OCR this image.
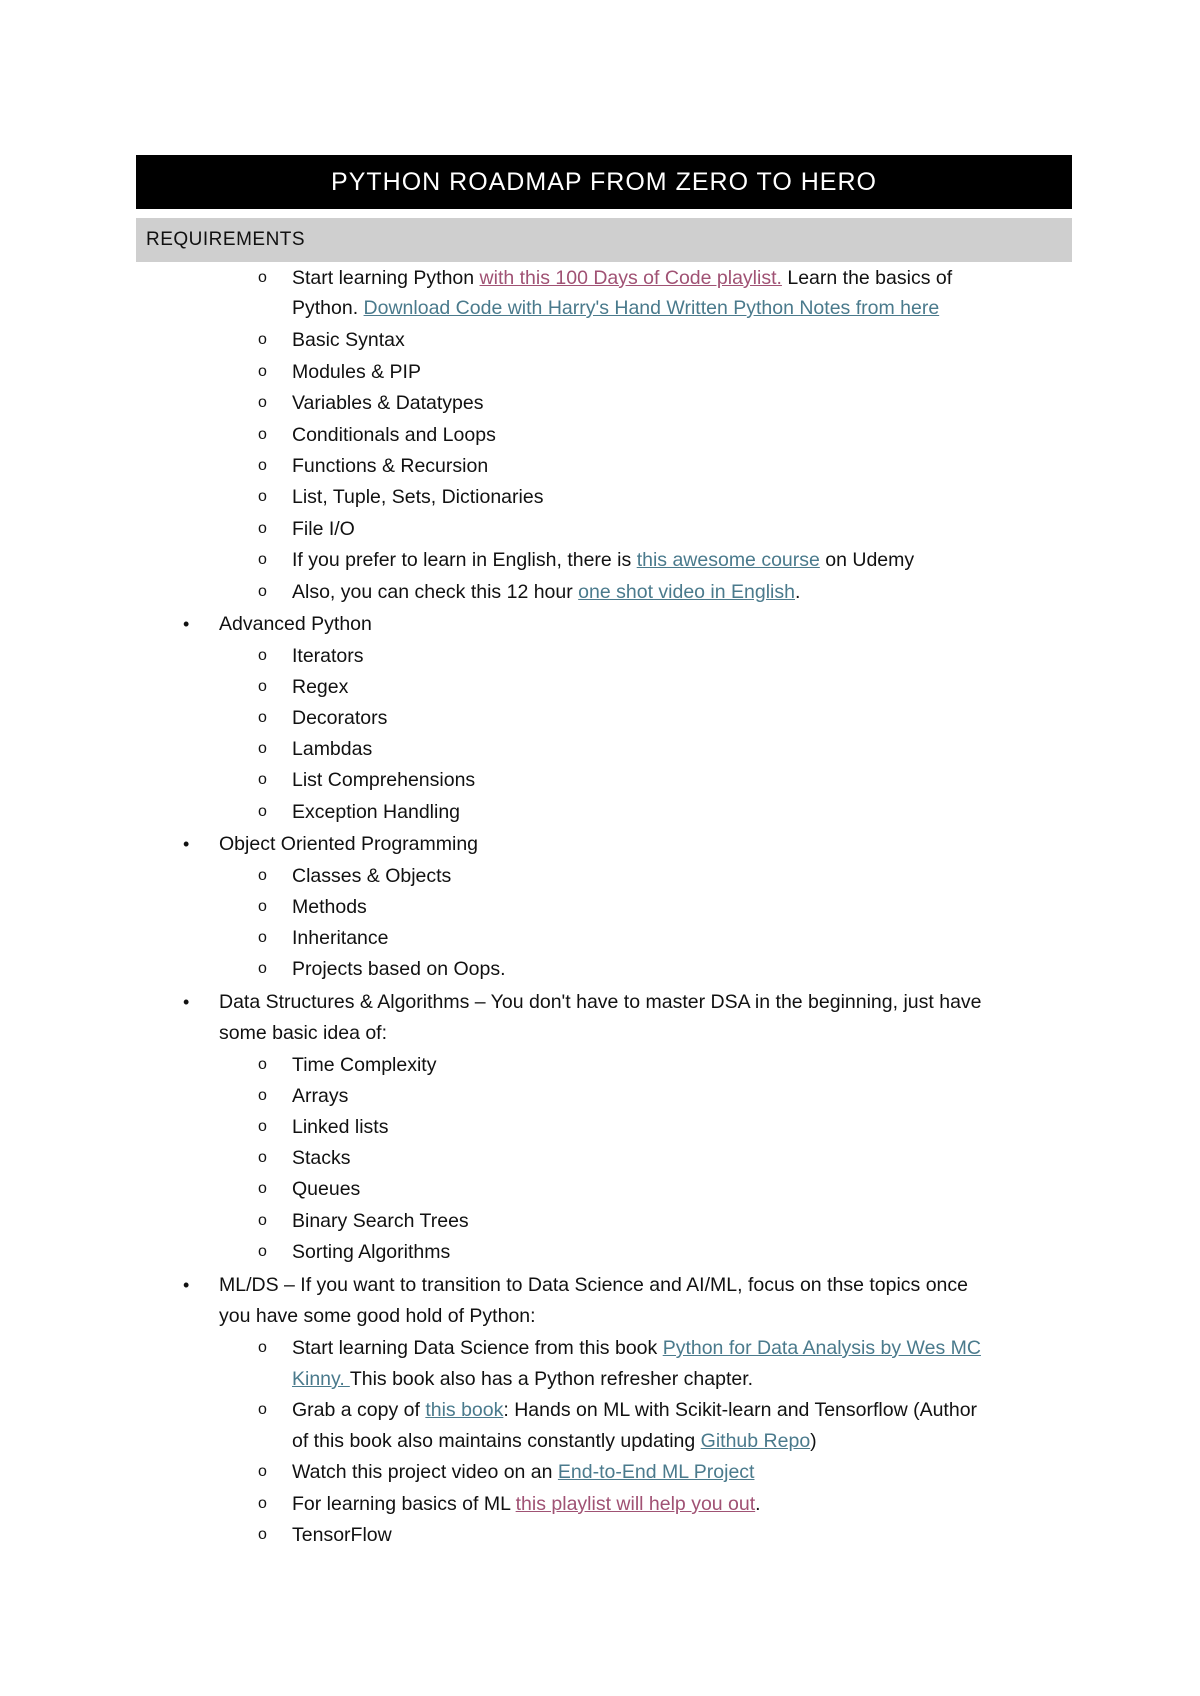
PYTHON ROADMAP FROM ZERO TO HERO
REQUIREMENTS
o Start learning Python with this 100 Days of Code playlist. Learn the basics of
Python. Download Code with Harry's Hand Written Python Notes from here
o Basic Syntax
o Modules & PIP
o Variables & Datatypes
o Conditionals and Loops
o Functions & Recursion
o List, Tuple, Sets, Dictionaries
o File I/O
o If you prefer to learn in English, there is this awesome course on Udemy
o Also, you can check this 12 hour one shot video in English.
• Advanced Python
o Iterators
o Regex
o Decorators
o Lambdas
o List Comprehensions
o Exception Handling
• Object Oriented Programming
o Classes & Objects
o Methods
o Inheritance
o Projects based on Oops.
• Data Structures & Algorithms – You don't have to master DSA in the beginning, just have
some basic idea of:
o Time Complexity
o Arrays
o Linked lists
o Stacks
o Queues
o Binary Search Trees
o Sorting Algorithms
• ML/DS – If you want to transition to Data Science and AI/ML, focus on thse topics once
you have some good hold of Python:
o Start learning Data Science from this book Python for Data Analysis by Wes MC
Kinny. This book also has a Python refresher chapter.
o Grab a copy of this book: Hands on ML with Scikit-learn and Tensorflow (Author
of this book also maintains constantly updating Github Repo)
o Watch this project video on an End-to-End ML Project
o For learning basics of ML this playlist will help you out.
o TensorFlow
